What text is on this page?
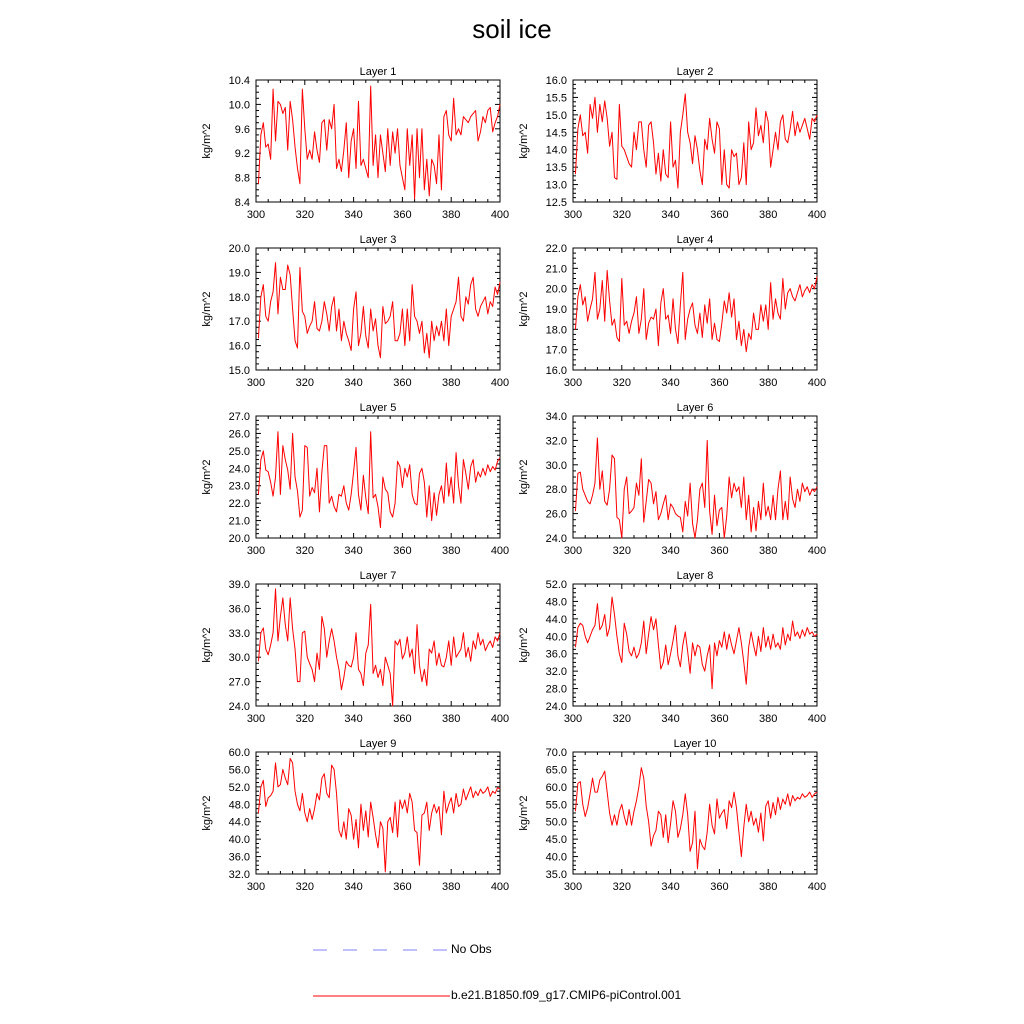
soil ice
Layer 1
kg/m^2
300	320	340	360	380	400
8.4
8.8
9.2
9.6
10.0
10.4
Layer 2
kg/m^2
300	320	340	360	380	400
12.5
13.0
13.5
14.0
14.5
15.0
15.5
16.0
Layer 3
kg/m^2
300	320	340	360	380	400
15.0
16.0
17.0
18.0
19.0
20.0
Layer 4
kg/m^2
300	320	340	360	380	400
16.0
17.0
18.0
19.0
20.0
21.0
22.0
Layer 5
kg/m^2
300	320	340	360	380	400
20.0
21.0
22.0
23.0
24.0
25.0
26.0
27.0
Layer 6
kg/m^2
300	320	340	360	380	400
24.0
26.0
28.0
30.0
32.0
34.0
Layer 7
kg/m^2
300	320	340	360	380	400
24.0
27.0
30.0
33.0
36.0
39.0
Layer 8
kg/m^2
300	320	340	360	380	400
24.0
28.0
32.0
36.0
40.0
44.0
48.0
52.0
Layer 9
kg/m^2
300	320	340	360	380	400
32.0
36.0
40.0
44.0
48.0
52.0
56.0
60.0
Layer 10
kg/m^2
300	320	340	360	380	400
35.0
40.0
45.0
50.0
55.0
60.0
65.0
70.0
No Obs
b.e21.B1850.f09_g17.CMIP6-piControl.001
